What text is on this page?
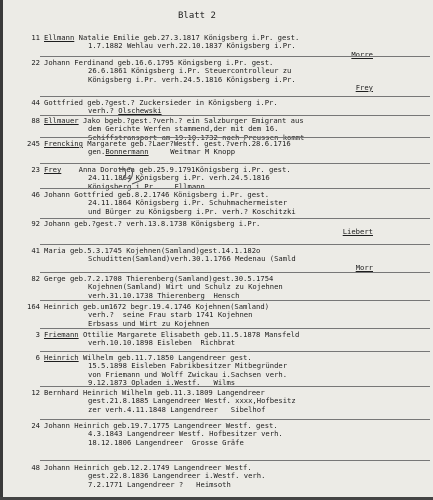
Blatt 2
11 Ellmann Natalie Emilie geb.27.3.1817 Königsberg i.Pr. gest.
1.7.1882 Wehlau verh.22.10.1837 Königsberg i.Pr.
Morre
22 Johann Ferdinand geb.16.6.1795 Königsberg i.Pr. gest.
26.6.1861 Königsberg i.Pr. Steuercontrolleur zu
Königsberg i.Pr. verh.24.5.1816 Königsberg i.Pr.
Frey
44 Gottfried geb.?gest.? Zuckersieder in Königsberg i.Pr.
verh.? Olschewski
88 Ellmauer Jako bgeb.?gest.?verh.? ein Salzburger Emigrant aus
dem Gerichte Werfen stammend,der mit dem 16.
Schiffstransport am 19.10.1732 nach Preussen kommt
245 Frencking Margarete geb.?Laer?Westf. gest.?verh.28.6.1716
gen.Bonnermann     Weitmar M Knopp
23 Frey    Anna Dorothea geb.25.9.1791Königsberg i.Pr. gest.
24.11.1864 Königsberg i.Pr. verh.24.5.1816
Königsberg i.Pr.    Ellmann
46 Johann Gottfried geb.8.2.1746 Königsberg i.Pr. gest.
24.11.1864 Königsberg i.Pr. Schuhmachermeister
und Bürger zu Königsberg i.Pr. verh.? Koschitzki
92 Johann geb.?gest.? verh.13.8.1738 Königsberg i.Pr.
Liebert
41 Maria geb.5.3.1745 Kojehnen(Samland)gest.14.1.182o
Schuditten(Samland)verh.30.1.1766 Medenau (Samld
Morr
82 Gerge geb.7.2.1708 Thierenberg(Samland)gest.30.5.1754
Kojehnen(Samland) Wirt und Schulz zu Kojehnen
verh.31.10.1738 Thierenberg  Hensch
164 Heinrich geb.um1672 begr.19.4.1746 Kojehnen(Samland)
verh.?  seine Frau starb 1741 Kojehnen
Erbsass und Wirt zu Kojehnen
3 Friemann Ottilie Margarete Elisabeth geb.11.5.1878 Mansfeld
verh.10.10.1898 Eisleben  Richbrat
6 Heinrich Wilhelm geb.11.7.1850 Langendreer gest.
15.5.1898 Eisleben Fabrikbesitzer Mitbegründer
von Friemann und Wolff Zwickau i.Sachsen verh.
9.12.1873 Opladen i.Westf.   Wilms
12 Bernhard Heinrich Wilhelm geb.11.3.1809 Langendreer
gest.21.8.1885 Langendreer Westf. xxxx,Hofbesitz
zer verh.4.11.1848 Langendreer   Sibelhof
24 Johann Heinrich geb.19.7.1775 Langendreer Westf. gest.
4.3.1843 Langendreer Westf. Hofbesitzer verh.
18.12.1806 Langendreer  Grosse Gräfe
48 Johann Heinrich geb.12.2.1749 Langendreer Westf.
gest.22.8.1836 Langendreer i.Westf. verh.
7.2.1771 Langendreer ?   Heimsoth
